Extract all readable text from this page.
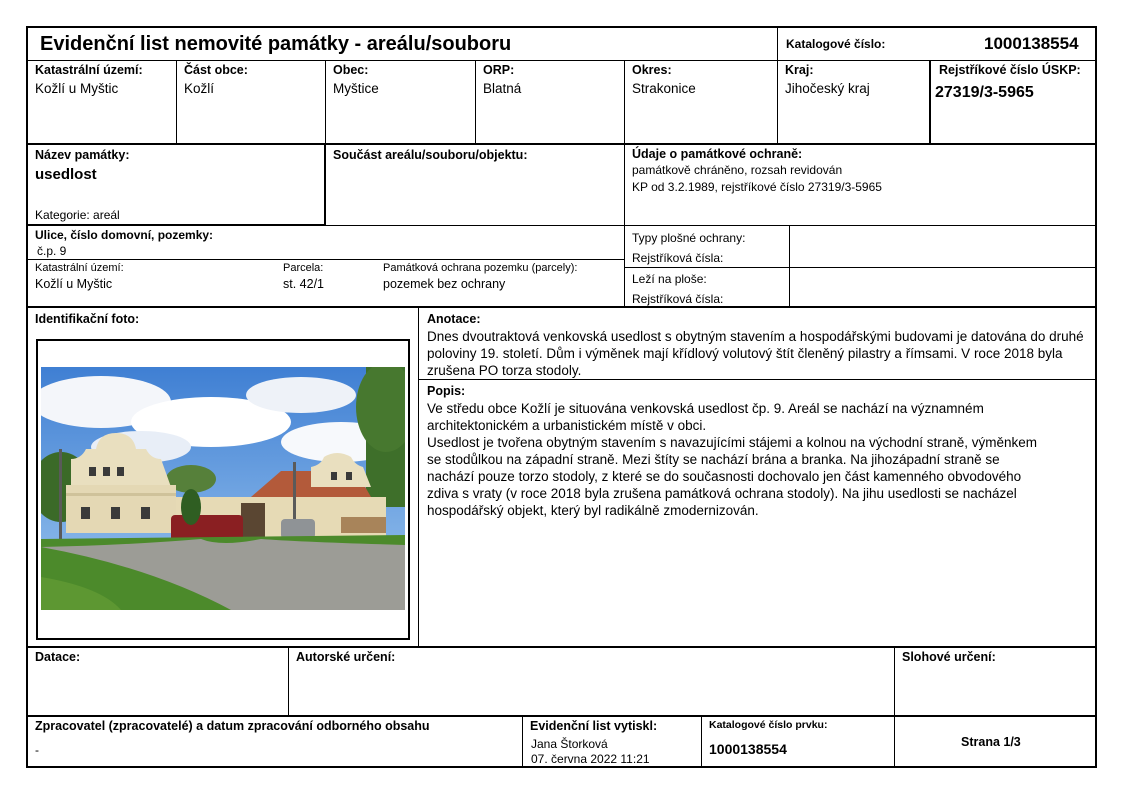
Evidenční list nemovité památky - areálu/souboru	Katalogové číslo:	1000138554
Katastrální území:
Kožlí u Myštic
Část obce:
Kožlí
Obec:
Myštice
ORP:
Blatná
Okres:
Strakonice
Kraj:
Jihočeský kraj
Rejstříkové číslo ÚSKP:
27319/3-5965
Název památky:
usedlost
Kategorie: areál
Součást areálu/souboru/objektu:	Údaje o památkové ochraně:
památkově chráněno, rozsah revidován
KP od 3.2.1989, rejstříkové číslo 27319/3-5965
Ulice, číslo domovní, pozemky:
č.p. 9
Katastrální území:
Kožlí u Myštic
Parcela:
st. 42/1
Památková ochrana pozemku (parcely):
pozemek bez ochrany
Typy plošné ochrany:
Rejstříková čísla:
Leží na ploše:
Rejstříková čísla:
Identifikační foto:	Anotace:
Dnes dvoutraktová venkovská usedlost s obytným stavením a hospodářskými budovami je datována do druhé poloviny 19. století. Dům i výměnek mají křídlový volutový štít členěný pilastry a římsami. V roce 2018 byla zrušena PO torza stodoly.
Popis:

Ve středu obce Kožlí je situována venkovská usedlost čp. 9. Areál se nachází na významném architektonickém a urbanistickém místě v obci.

Usedlost je tvořena obytným stavením s navazujícími stájemi a kolnou na východní straně, výměnkem se stodůlkou na západní straně. Mezi štíty se nachází brána a branka. Na jihozápadní straně se nachází pouze torzo stodoly, z které se do současnosti dochovalo jen část kamenného obvodového zdiva s vraty (v roce 2018 byla zrušena památková ochrana stodoly). Na jihu usedlosti se nacházel hospodářský objekt, který byl radikálně zmodernizován.

Datace:	Autorské určení:	Slohové určení:
Zpracovatel (zpracovatelé) a datum zpracování odborného obsahu
-
Evidenční list vytiskl:
Jana Štorková
07. června 2022 11:21
Katalogové číslo prvku:
1000138554	Strana 1/3
